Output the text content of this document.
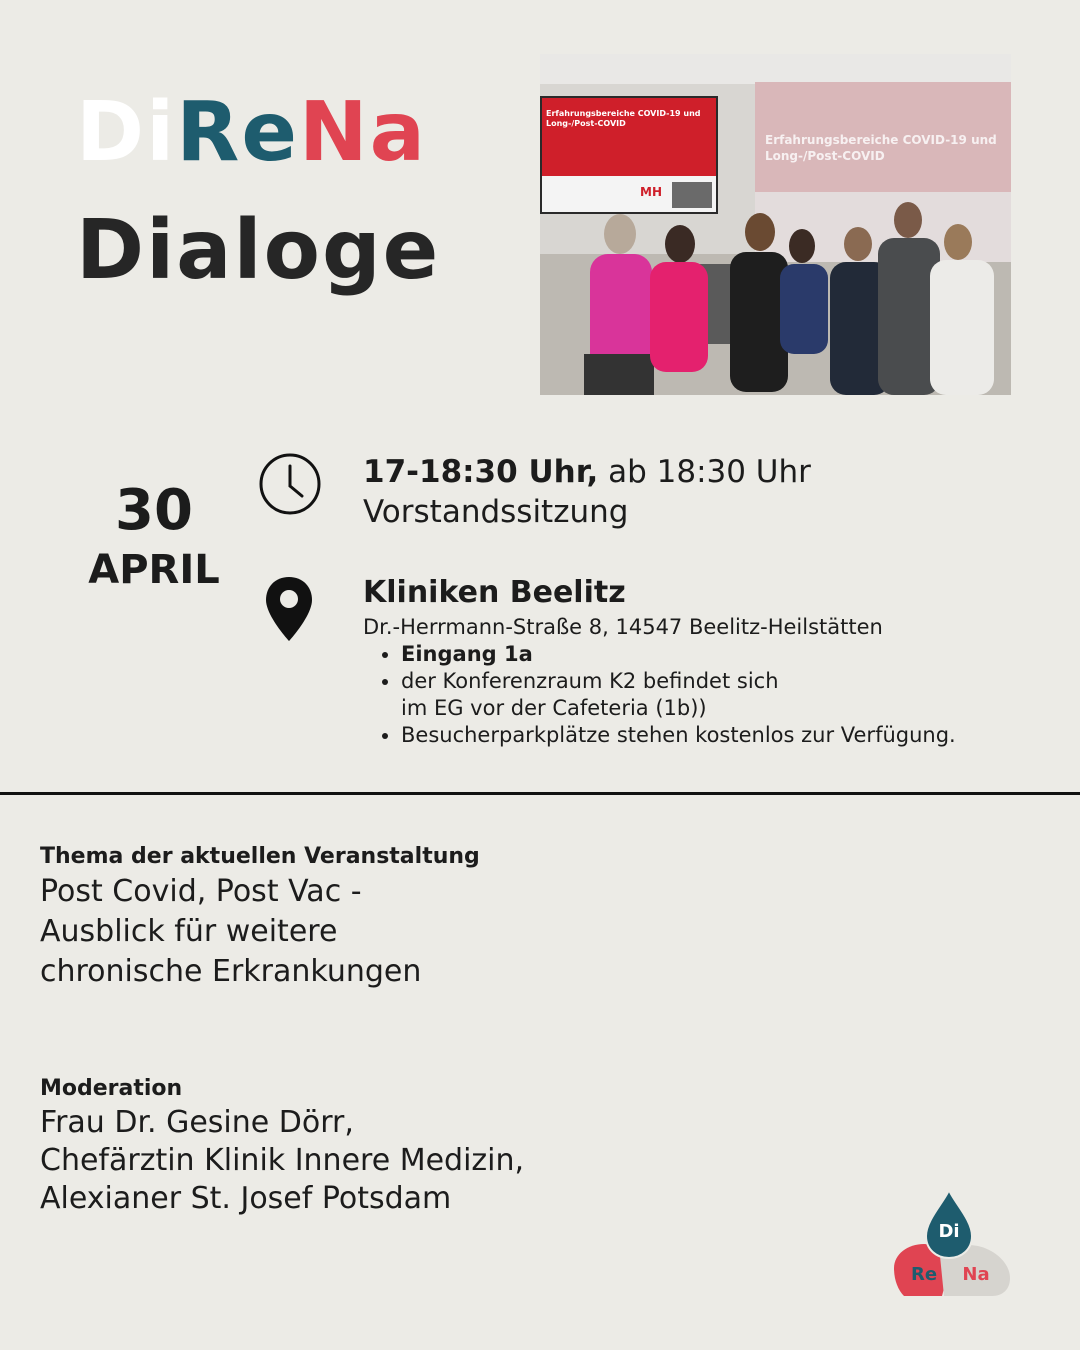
DiReNa
Dialoge
Erfahrungsbereiche COVID-19 und
Long-/Post-COVID
MH
Erfahrungsbereiche COVID-19 und
Long-/Post-COVID
30
APRIL
17-18:30 Uhr, ab 18:30 Uhr
Vorstandssitzung
Kliniken Beelitz
Dr.-Herrmann-Straße 8, 14547 Beelitz-Heilstätten
• Eingang 1a
• der Konferenzraum K2 befindet sich
im EG vor der Cafeteria (1b))
• Besucherparkplätze stehen kostenlos zur Verfügung.
Thema der aktuellen Veranstaltung
Post Covid, Post Vac -
Ausblick für weitere
chronische Erkrankungen
Moderation
Frau Dr. Gesine Dörr,
Chefärztin Klinik Innere Medizin,
Alexianer St. Josef Potsdam
Di
Re Na
